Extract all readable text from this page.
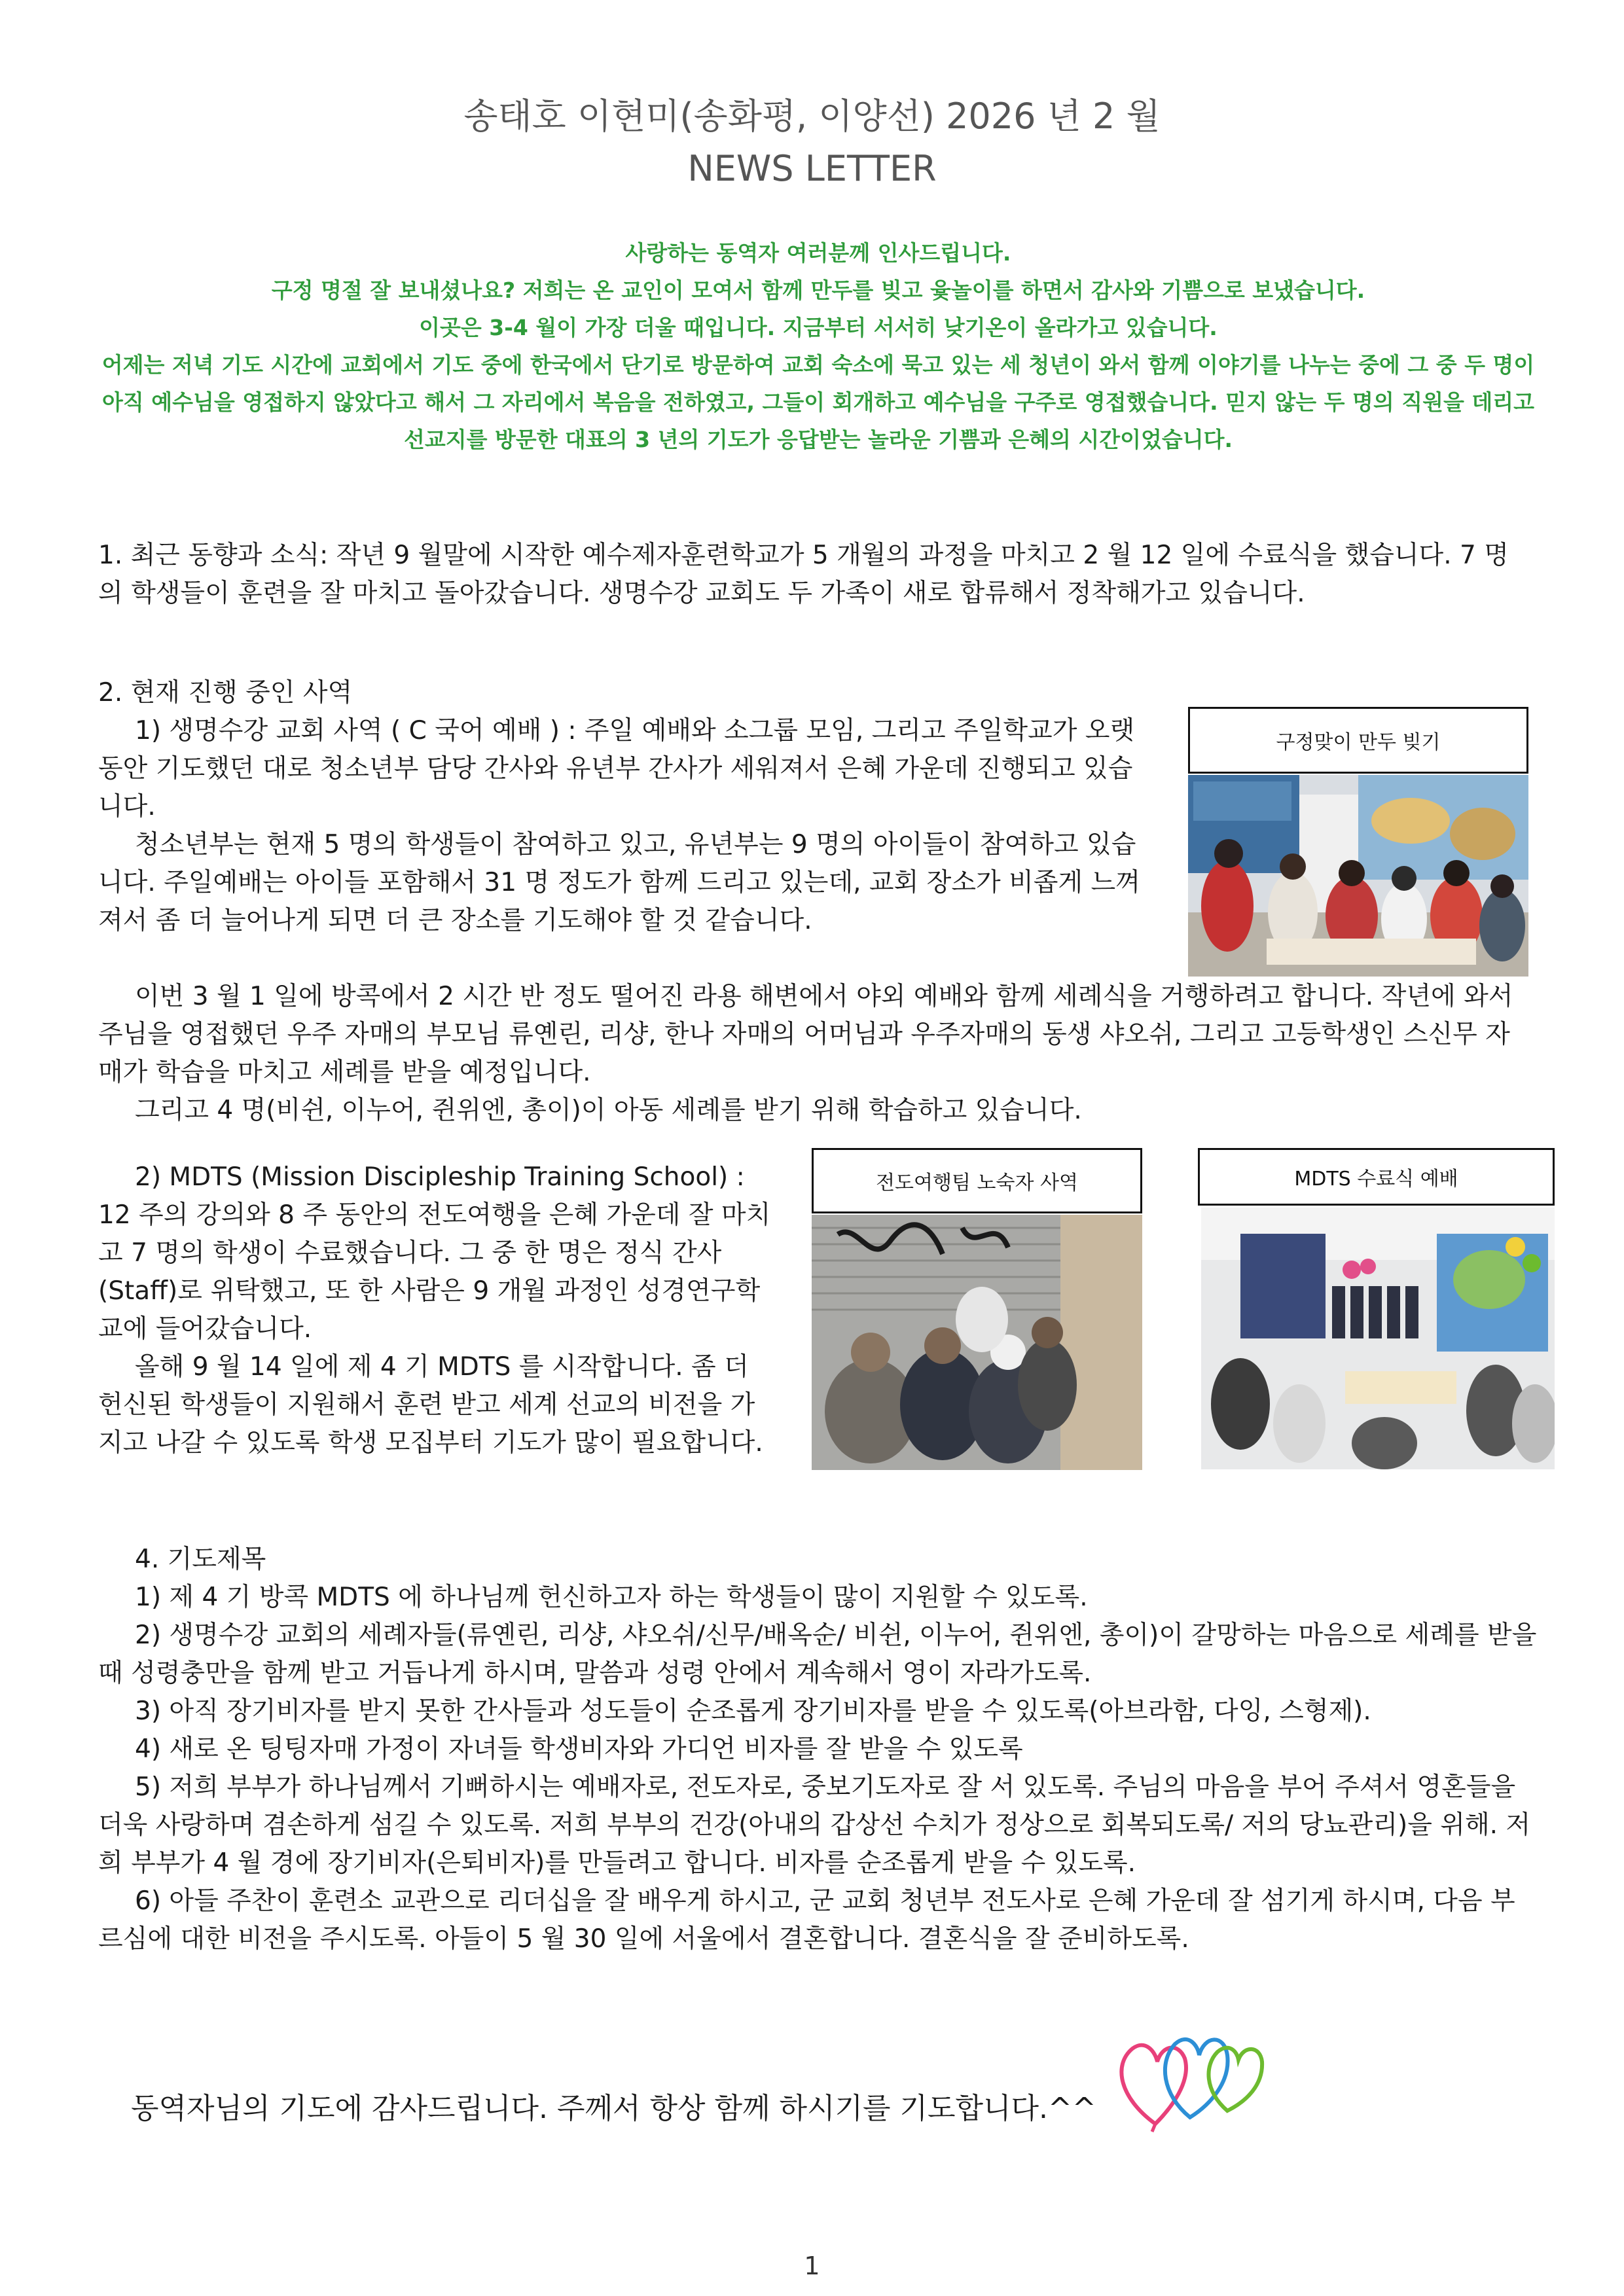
송태호 이현미(송화평, 이양선) 2026 년 2 월
NEWS LETTER

사랑하는 동역자 여러분께 인사드립니다.

구정 명절 잘 보내셨나요? 저희는 온 교인이 모여서 함께 만두를 빚고 윷놀이를 하면서 감사와 기쁨으로 보냈습니다.

이곳은 3-4 월이 가장 더울 때입니다. 지금부터 서서히 낮기온이 올라가고 있습니다.

어제는 저녁 기도 시간에 교회에서 기도 중에 한국에서 단기로 방문하여 교회 숙소에 묵고 있는 세 청년이 와서 함께 이야기를 나누는 중에 그 중 두 명이 아직 예수님을 영접하지 않았다고 해서 그 자리에서 복음을 전하였고, 그들이 회개하고 예수님을 구주로 영접했습니다. 믿지 않는 두 명의 직원을 데리고 선교지를 방문한 대표의 3 년의 기도가 응답받는 놀라운 기쁨과 은혜의 시간이었습니다.

1. 최근 동향과 소식: 작년 9 월말에 시작한 예수제자훈련학교가 5 개월의 과정을 마치고 2 월 12 일에 수료식을 했습니다. 7 명의 학생들이 훈련을 잘 마치고 돌아갔습니다. 생명수강 교회도 두 가족이 새로 합류해서 정착해가고 있습니다.

2. 현재 진행 중인 사역

1) 생명수강 교회 사역 ( C 국어 예배 ) : 주일 예배와 소그룹 모임, 그리고 주일학교가 오랫동안 기도했던 대로 청소년부 담당 간사와 유년부 간사가 세워져서 은혜 가운데 진행되고 있습니다.

청소년부는 현재 5 명의 학생들이 참여하고 있고, 유년부는 9 명의 아이들이 참여하고 있습니다. 주일예배는 아이들 포함해서 31 명 정도가 함께 드리고 있는데, 교회 장소가 비좁게 느껴져서 좀 더 늘어나게 되면 더 큰 장소를 기도해야 할 것 같습니다.

이번 3 월 1 일에 방콕에서 2 시간 반 정도 떨어진 라용 해변에서 야외 예배와 함께 세례식을 거행하려고 합니다. 작년에 와서 주님을 영접했던 우주 자매의 부모님 류옌린, 리샹, 한나 자매의 어머님과 우주자매의 동생 샤오쉬, 그리고 고등학생인 스신무 자매가 학습을 마치고 세례를 받을 예정입니다.

그리고 4 명(비쉰, 이누어, 쥔위엔, 총이)이 아동 세례를 받기 위해 학습하고 있습니다.

2) MDTS (Mission Discipleship Training School) : 12 주의 강의와 8 주 동안의 전도여행을 은혜 가운데 잘 마치고 7 명의 학생이 수료했습니다. 그 중 한 명은 정식 간사(Staff)로 위탁했고, 또 한 사람은 9 개월 과정인 성경연구학교에 들어갔습니다.

올해 9 월 14 일에 제 4 기 MDTS 를 시작합니다. 좀 더 헌신된 학생들이 지원해서 훈련 받고 세계 선교의 비전을 가지고 나갈 수 있도록 학생 모집부터 기도가 많이 필요합니다.

구정맞이 만두 빚기
전도여행팀 노숙자 사역	MDTS 수료식 예배

4. 기도제목

1) 제 4 기 방콕 MDTS 에 하나님께 헌신하고자 하는 학생들이 많이 지원할 수 있도록.

2) 생명수강 교회의 세례자들(류옌린, 리샹, 샤오쉬/신무/배옥순/ 비쉰, 이누어, 쥔위엔, 총이)이 갈망하는 마음으로 세례를 받을 때 성령충만을 함께 받고 거듭나게 하시며, 말씀과 성령 안에서 계속해서 영이 자라가도록.

3) 아직 장기비자를 받지 못한 간사들과 성도들이 순조롭게 장기비자를 받을 수 있도록(아브라함, 다잉, 스형제).

4) 새로 온 팅팅자매 가정이 자녀들 학생비자와 가디언 비자를 잘 받을 수 있도록

5) 저희 부부가 하나님께서 기뻐하시는 예배자로, 전도자로, 중보기도자로 잘 서 있도록. 주님의 마음을 부어 주셔서 영혼들을 더욱 사랑하며 겸손하게 섬길 수 있도록. 저희 부부의 건강(아내의 갑상선 수치가 정상으로 회복되도록/ 저의 당뇨관리)을 위해. 저희 부부가 4 월 경에 장기비자(은퇴비자)를 만들려고 합니다. 비자를 순조롭게 받을 수 있도록.

6) 아들 주찬이 훈련소 교관으로 리더십을 잘 배우게 하시고, 군 교회 청년부 전도사로 은혜 가운데 잘 섬기게 하시며, 다음 부르심에 대한 비전을 주시도록. 아들이 5 월 30 일에 서울에서 결혼합니다. 결혼식을 잘 준비하도록.

동역자님의 기도에 감사드립니다. 주께서 항상 함께 하시기를 기도합니다.^^
1
